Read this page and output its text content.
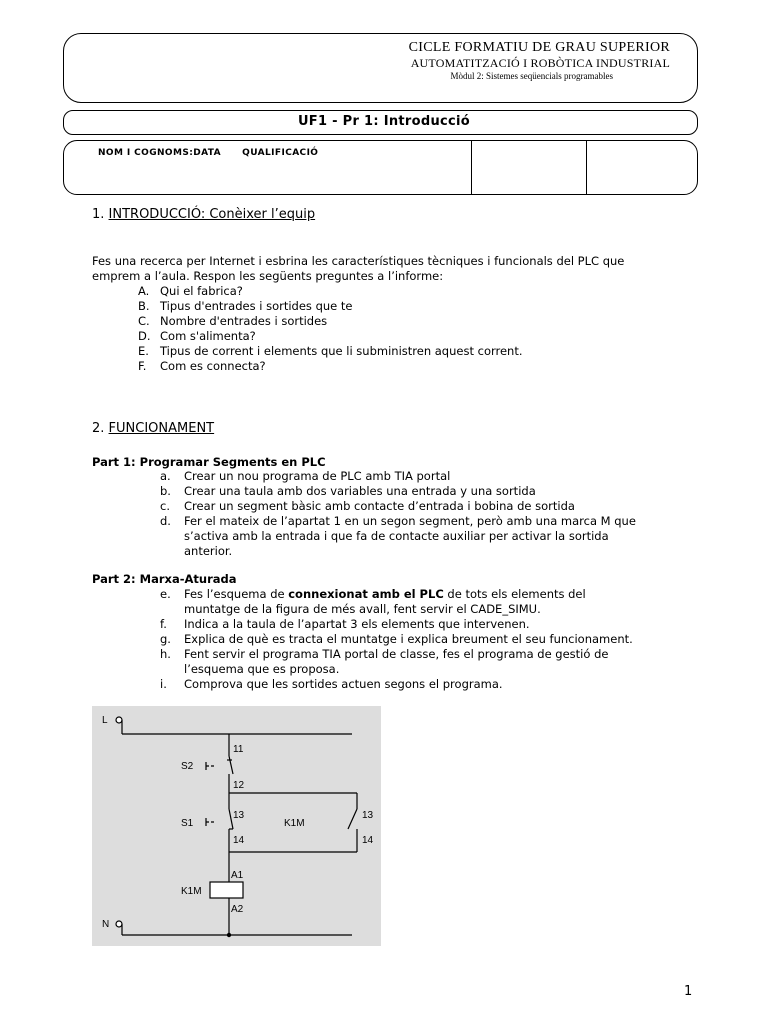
CICLE FORMATIU DE GRAU SUPERIOR
AUTOMATITZACIÓ I ROBÒTICA INDUSTRIAL
Mòdul 2: Sistemes seqüencials programables
UF1 - Pr 1: Introducció
NOM I COGNOMS:DATA      QUALIFICACIÓ
1. INTRODUCCIÓ: Conèixer l’equip
Fes una recerca per Internet i esbrina les característiques tècniques i funcionals del PLC que
emprem a l’aula. Respon les següents preguntes a l’informe:
A. Qui el fabrica?
B. Tipus d'entrades i sortides que te
C. Nombre d'entrades i sortides
D. Com s'alimenta?
E. Tipus de corrent i elements que li subministren aquest corrent.
F.	Com es connecta?
2. FUNCIONAMENT
Part 1: Programar Segments en PLC
a.	Crear un nou programa de PLC amb TIA portal
b.	Crear una taula amb dos variables una entrada y una sortida
c.	Crear un segment bàsic amb contacte d’entrada i bobina de sortida
d.	Fer el mateix de l’apartat 1 en un segon segment, però amb una marca M que
s’activa amb la entrada i que fa de contacte auxiliar per activar la sortida
anterior.
Part 2: Marxa-Aturada
e.	Fes l’esquema de connexionat amb el PLC de tots els elements del
muntatge de la figura de més avall, fent servir el CADE_SIMU.
f.	Indica a la taula de l’apartat 3 els elements que intervenen.
g.	Explica de què es tracta el muntatge i explica breument el seu funcionament.
h.	Fent servir el programa TIA portal de classe, fes el programa de gestió de
l’esquema que es proposa.
i.	Comprova que les sortides actuen segons el programa.
L
N
S2
S1	K1M
K1M
11
12
13
14
13
14
A1
A2
1
